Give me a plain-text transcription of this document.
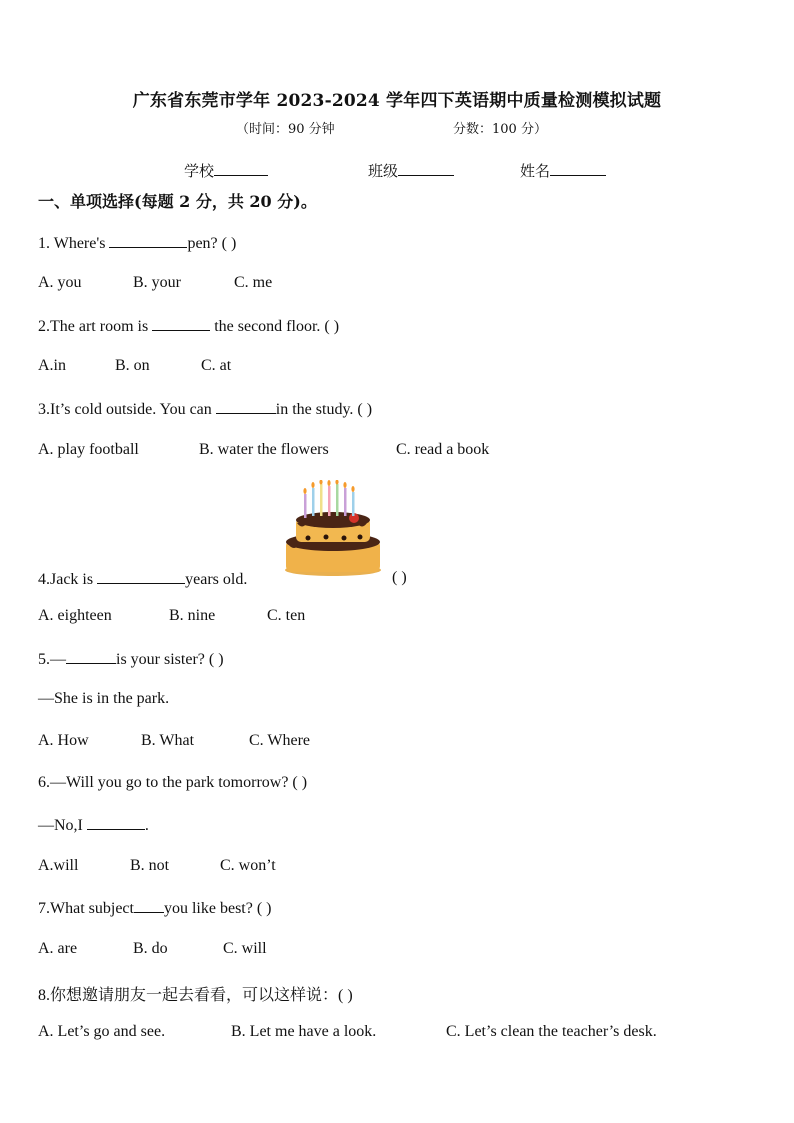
广东省东莞市学年 2023-2024 学年四下英语期中质量检测模拟试题
（时间：90 分钟	分数：100 分）
学校	班级	姓名
一、单项选择(每题 2 分，共 20 分)。
1. Where's	pen? ( )
A. you	B. your	C. me
2.The art room is	the second floor. ( )
A.in	B. on	C. at
3.It’s cold outside. You can	in the study. ( )
A. play football	B. water the flowers	C. read a book
4.Jack is	years old.	( )
A. eighteen	B. nine	C. ten
5.—	is your sister? ( )
—She is in the park.
A. How	B. What	C. Where
6.—Will you go to the park tomorrow? ( )
—No,I	.
A.will	B. not	C. won’t
7.What subject you like best? ( )
A. are	B. do	C. will
8.你想邀请朋友一起去看看，可以这样说：( )
A. Let’s go and see.	B. Let me have a look.	C. Let’s clean the teacher’s desk.
